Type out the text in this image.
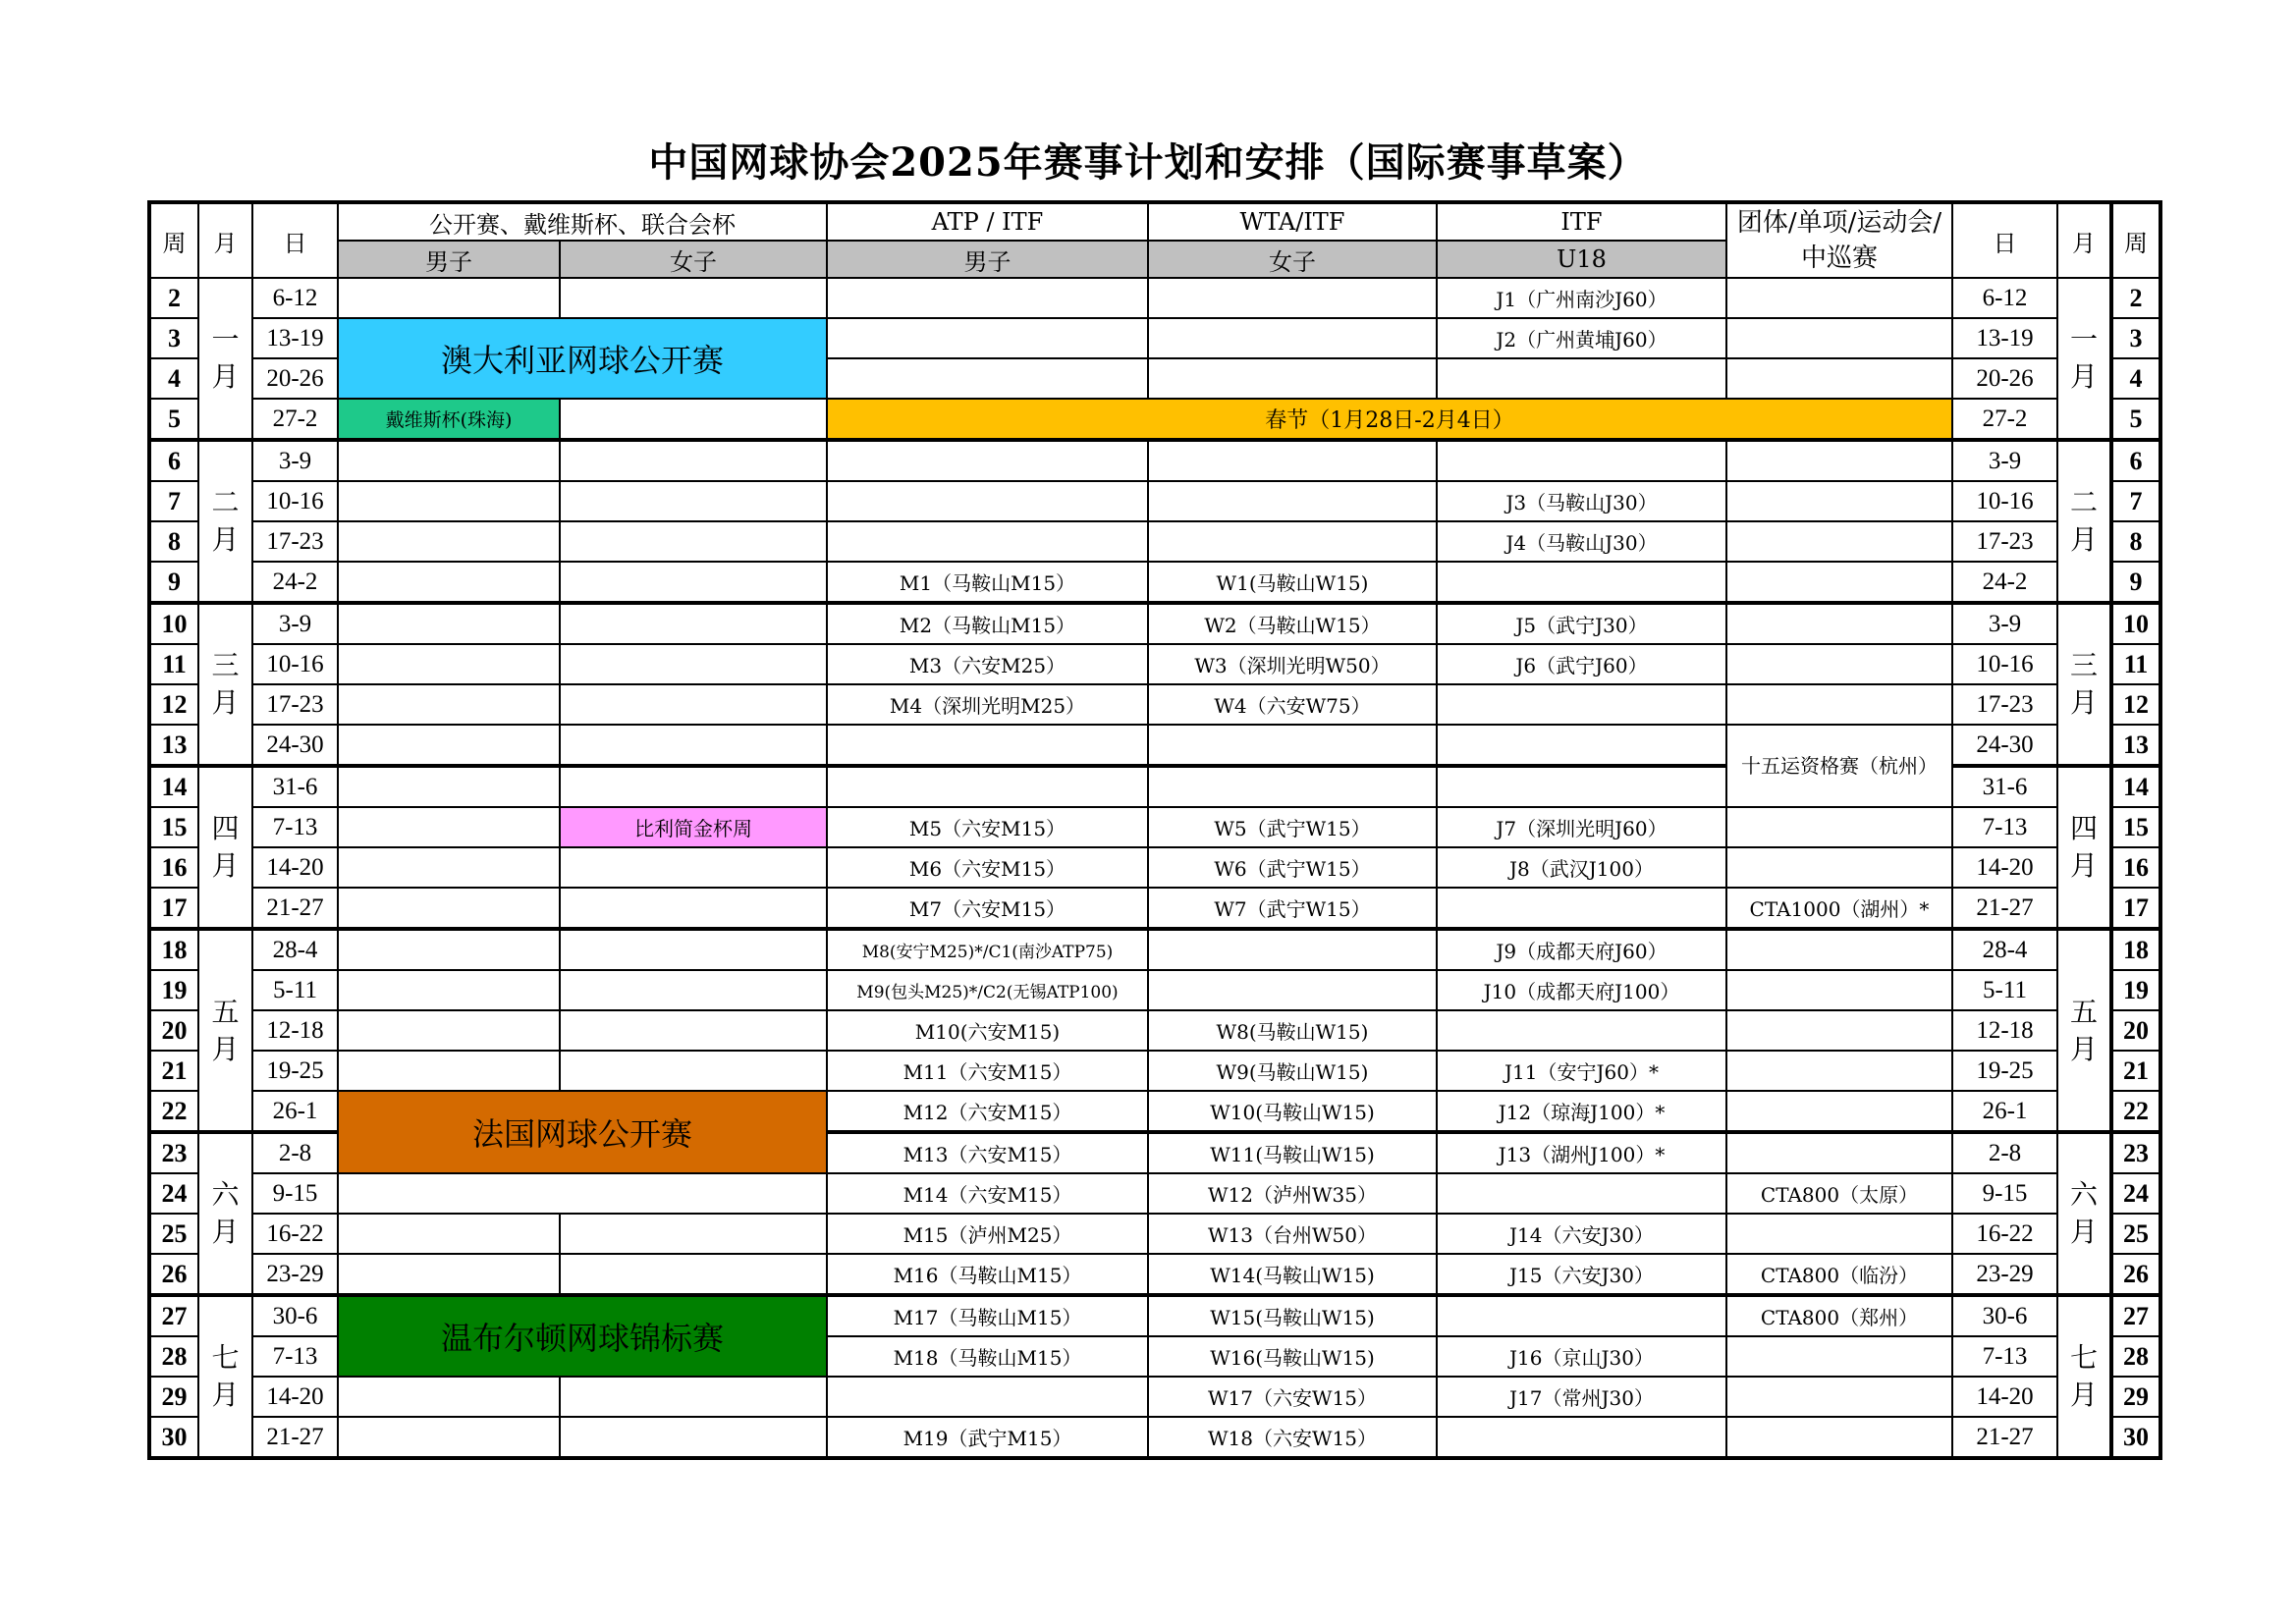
中国网球协会2025年赛事计划和安排（国际赛事草案）
周	月	日	公开赛、戴维斯杯、联合会杯		ATP / ITF	WTA/ITF	ITF	团体/单项/运动会/中巡赛	日	月	周
			男子	女子	男子	女子	U18				
2	一月	6-12					J1（广州南沙J60）		6-12	一月	2
3		13-19	澳大利亚网球公开赛				J2（广州黄埔J60）		13-19		3
4		20-26							20-26		4
5		27-2	戴维斯杯(珠海)		春节（1月28日-2月4日）				27-2		5
6	二月	3-9							3-9	二月	6
7		10-16					J3（马鞍山J30）		10-16		7
8		17-23					J4（马鞍山J30）		17-23		8
9		24-2			M1（马鞍山M15）	W1(马鞍山W15)			24-2		9
10	三月	3-9			M2（马鞍山M15）	W2（马鞍山W15）	J5（武宁J30）		3-9	三月	10
11		10-16			M3（六安M25）	W3（深圳光明W50）	J6（武宁J60）		10-16		11
12		17-23			M4（深圳光明M25）	W4（六安W75）			17-23		12
13		24-30						十五运资格赛（杭州）	24-30		13
14	四月	31-6							31-6	四月	14
15		7-13		比利简金杯周	M5（六安M15）	W5（武宁W15）	J7（深圳光明J60）		7-13		15
16		14-20			M6（六安M15）	W6（武宁W15）	J8（武汉J100）		14-20		16
17		21-27			M7（六安M15）	W7（武宁W15）		CTA1000（湖州）*	21-27		17
18	五月	28-4			M8(安宁M25)*/C1(南沙ATP75)		J9（成都天府J60）		28-4	五月	18
19		5-11			M9(包头M25)*/C2(无锡ATP100)		J10（成都天府J100）		5-11		19
20		12-18			M10(六安M15)	W8(马鞍山W15)			12-18		20
21		19-25			M11（六安M15）	W9(马鞍山W15)	J11（安宁J60）*		19-25		21
22		26-1	法国网球公开赛		M12（六安M15）	W10(马鞍山W15)	J12（琼海J100）*		26-1		22
23	六月	2-8			M13（六安M15）	W11(马鞍山W15)	J13（湖州J100）*		2-8	六月	23
24		9-15			M14（六安M15）	W12（泸州W35）		CTA800（太原）	9-15		24
25		16-22			M15（泸州M25）	W13（台州W50）	J14（六安J30）		16-22		25
26		23-29			M16（马鞍山M15）	W14(马鞍山W15)	J15（六安J30）	CTA800（临汾）	23-29		26
27	七月	30-6	温布尔顿网球锦标赛		M17（马鞍山M15）	W15(马鞍山W15)		CTA800（郑州）	30-6	七月	27
28		7-13			M18（马鞍山M15）	W16(马鞍山W15)	J16（京山J30）		7-13		28
29		14-20				W17（六安W15）	J17（常州J30）		14-20		29
30		21-27			M19（武宁M15）	W18（六安W15）			21-27		30
